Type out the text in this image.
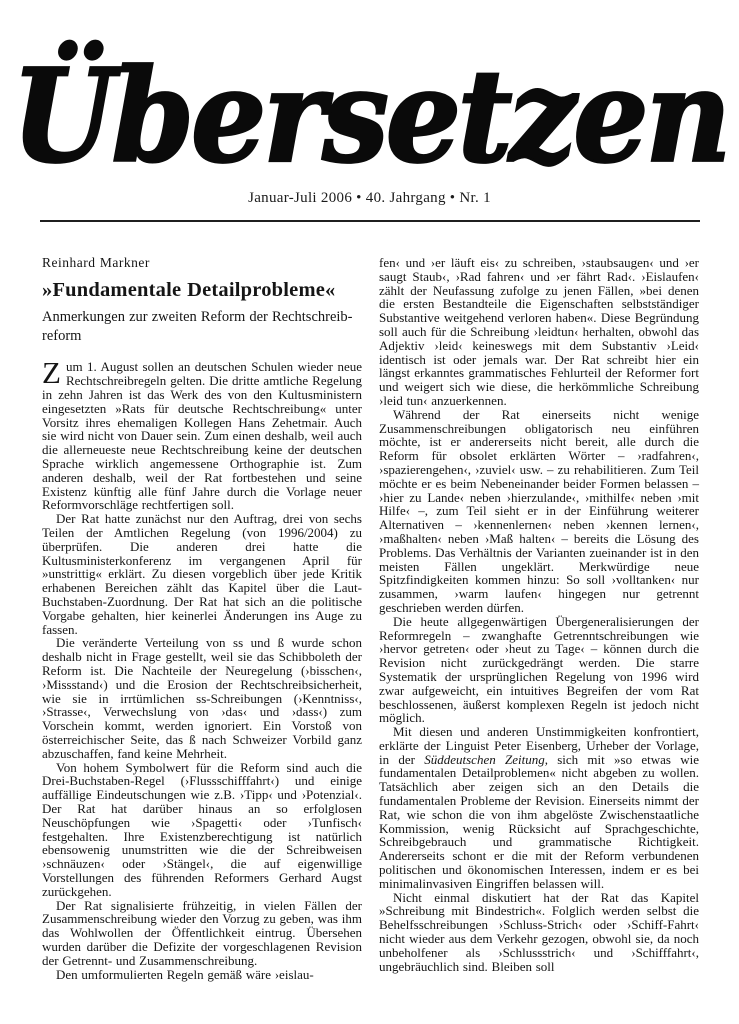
Übersetzen
Januar-Juli 2006 • 40. Jahrgang • Nr. 1
Reinhard Markner
»Fundamentale Detailprobleme«
Anmerkungen zur zweiten Reform der Rechtschreib-
reform

Zum 1. August sollen an deutschen Schulen wieder neue Rechtschreibregeln gelten. Die dritte amtliche Regelung in zehn Jahren ist das Werk des von den Kultusministern eingesetzten »Rats für deutsche Rechtschreibung« unter Vorsitz ihres ehemaligen Kollegen Hans Zehetmair. Auch sie wird nicht von Dauer sein. Zum einen deshalb, weil auch die allerneueste neue Rechtschreibung keine der deutschen Sprache wirklich angemessene Orthographie ist. Zum anderen deshalb, weil der Rat fortbestehen und seine Existenz künftig alle fünf Jahre durch die Vorlage neuer Reformvorschläge rechtfertigen soll.

Der Rat hatte zunächst nur den Auftrag, drei von sechs Teilen der Amtlichen Regelung (von 1996/2004) zu überprüfen. Die anderen drei hatte die Kultusministerkonferenz im vergangenen April für »unstrittig« erklärt. Zu diesen vorgeblich über jede Kritik erhabenen Bereichen zählt das Kapitel über die Laut-Buchstaben-Zuordnung. Der Rat hat sich an die politische Vorgabe gehalten, hier keinerlei Änderungen ins Auge zu fassen.

Die veränderte Verteilung von ss und ß wurde schon deshalb nicht in Frage gestellt, weil sie das Schibboleth der Reform ist. Die Nachteile der Neuregelung (›bisschen‹, ›Missstand‹) und die Erosion der Rechtschreibsicherheit, wie sie in irrtümlichen ss-Schreibungen (›Kenntniss‹, ›Strasse‹, Verwechslung von ›das‹ und ›dass‹) zum Vorschein kommt, werden ignoriert. Ein Vorstoß von österreichischer Seite, das ß nach Schweizer Vorbild ganz abzuschaffen, fand keine Mehrheit.

Von hohem Symbolwert für die Reform sind auch die Drei-Buchstaben-Regel (›Flussschifffahrt‹) und einige auffällige Eindeutschungen wie z.B. ›Tipp‹ und ›Potenzial‹. Der Rat hat darüber hinaus an so erfolglosen Neuschöpfungen wie ›Spagetti‹ oder ›Tunfisch‹ festgehalten. Ihre Existenzberechtigung ist natürlich ebensowenig unumstritten wie die der Schreibweisen ›schnäuzen‹ oder ›Stängel‹, die auf eigenwillige Vorstellungen des führenden Reformers Gerhard Augst zurückgehen.

Der Rat signalisierte frühzeitig, in vielen Fällen der Zusammenschreibung wieder den Vorzug zu geben, was ihm das Wohlwollen der Öffentlichkeit eintrug. Übersehen wurden darüber die Defizite der vorgeschlagenen Revision der Getrennt- und Zusammenschreibung.

Den umformulierten Regeln gemäß wäre ›eislau-

fen‹ und ›er läuft eis‹ zu schreiben, ›staubsaugen‹ und ›er saugt Staub‹, ›Rad fahren‹ und ›er fährt Rad‹. ›Eislaufen‹ zählt der Neufassung zufolge zu jenen Fällen, »bei denen die ersten Bestandteile die Eigenschaften selbstständiger Substantive weitgehend verloren haben«. Diese Begründung soll auch für die Schreibung ›leidtun‹ herhalten, obwohl das Adjektiv ›leid‹ keineswegs mit dem Substantiv ›Leid‹ identisch ist oder jemals war. Der Rat schreibt hier ein längst erkanntes grammatisches Fehlurteil der Reformer fort und weigert sich wie diese, die herkömmliche Schreibung ›leid tun‹ anzuerkennen.

Während der Rat einerseits nicht wenige Zusammenschreibungen obligatorisch neu einführen möchte, ist er andererseits nicht bereit, alle durch die Reform für obsolet erklärten Wörter – ›radfahren‹, ›spazierengehen‹, ›zuviel‹ usw. – zu rehabilitieren. Zum Teil möchte er es beim Nebeneinander beider Formen belassen – ›hier zu Lande‹ neben ›hierzulande‹, ›mithilfe‹ neben ›mit Hilfe‹ –, zum Teil sieht er in der Einführung weiterer Alternativen – ›kennenlernen‹ neben ›kennen lernen‹, ›maßhalten‹ neben ›Maß halten‹ – bereits die Lösung des Problems. Das Verhältnis der Varianten zueinander ist in den meisten Fällen ungeklärt. Merkwürdige neue Spitzfindigkeiten kommen hinzu: So soll ›volltanken‹ nur zusammen, ›warm laufen‹ hingegen nur getrennt geschrieben werden dürfen.

Die heute allgegenwärtigen Übergeneralisierungen der Reformregeln – zwanghafte Getrenntschreibungen wie ›hervor getreten‹ oder ›heut zu Tage‹ – können durch die Revision nicht zurückgedrängt werden. Die starre Systematik der ursprünglichen Regelung von 1996 wird zwar aufgeweicht, ein intuitives Begreifen der vom Rat beschlossenen, äußerst komplexen Regeln ist jedoch nicht möglich.

Mit diesen und anderen Unstimmigkeiten konfrontiert, erklärte der Linguist Peter Eisenberg, Urheber der Vorlage, in der Süddeutschen Zeitung, sich mit »so etwas wie fundamentalen Detailproblemen« nicht abgeben zu wollen. Tatsächlich aber zeigen sich an den Details die fundamentalen Probleme der Revision. Einerseits nimmt der Rat, wie schon die von ihm abgelöste Zwischenstaatliche Kommission, wenig Rücksicht auf Sprachgeschichte, Schreibgebrauch und grammatische Richtigkeit. Andererseits schont er die mit der Reform verbundenen politischen und ökonomischen Interessen, indem er es bei minimalinvasiven Eingriffen belassen will.

Nicht einmal diskutiert hat der Rat das Kapitel »Schreibung mit Bindestrich«. Folglich werden selbst die Behelfsschreibungen ›Schluss-Strich‹ oder ›Schiff-Fahrt‹ nicht wieder aus dem Verkehr gezogen, obwohl sie, da noch unbeholfener als ›Schlussstrich‹ und ›Schifffahrt‹, ungebräuchlich sind. Bleiben soll
